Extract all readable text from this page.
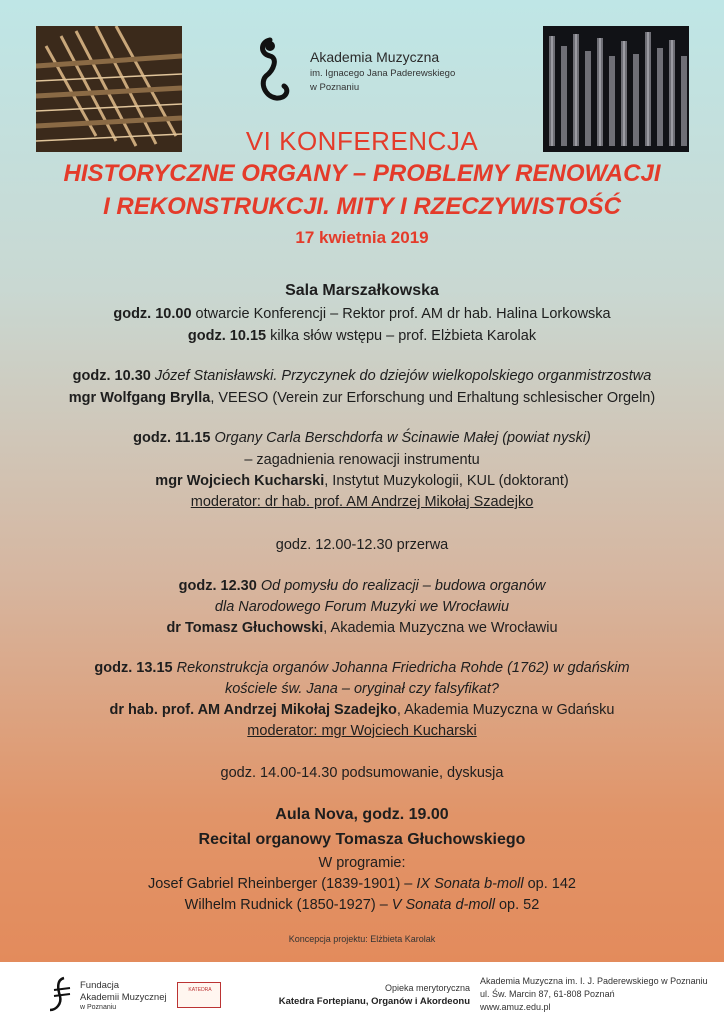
Akademia Muzyczna
im. Ignacego Jana Paderewskiego
w Poznaniu
VI KONFERENCJA
HISTORYCZNE ORGANY – PROBLEMY RENOWACJI
I REKONSTRUKCJI. MITY I RZECZYWISTOŚĆ
17 kwietnia 2019
Sala Marszałkowska
godz. 10.00 otwarcie Konferencji – Rektor prof. AM dr hab. Halina Lorkowska
godz. 10.15 kilka słów wstępu – prof. Elżbieta Karolak
godz. 10.30 Józef Stanisławski. Przyczynek do dziejów wielkopolskiego organmistrzostwa
mgr Wolfgang Brylla, VEESO (Verein zur Erforschung und Erhaltung schlesischer Orgeln)
godz. 11.15 Organy Carla Berschdorfa w Ścinawie Małej (powiat nyski)
– zagadnienia renowacji instrumentu
mgr Wojciech Kucharski, Instytut Muzykologii, KUL (doktorant)
moderator: dr hab. prof. AM Andrzej Mikołaj Szadejko
godz. 12.00-12.30 przerwa
godz. 12.30 Od pomysłu do realizacji – budowa organów
dla Narodowego Forum Muzyki we Wrocławiu
dr Tomasz Głuchowski, Akademia Muzyczna we Wrocławiu
godz. 13.15 Rekonstrukcja organów Johanna Friedricha Rohde (1762) w gdańskim
kościele św. Jana – oryginał czy falsyfikat?
dr hab. prof. AM Andrzej Mikołaj Szadejko, Akademia Muzyczna w Gdańsku
moderator: mgr Wojciech Kucharski
godz. 14.00-14.30 podsumowanie, dyskusja
Aula Nova, godz. 19.00
Recital organowy Tomasza Głuchowskiego
W programie:
Josef Gabriel Rheinberger (1839-1901) – IX Sonata b-moll op. 142
Wilhelm Rudnick (1850-1927) – V Sonata d-moll op. 52
Koncepcja projektu: Elżbieta Karolak
Fundacja
Akademii Muzycznej
w Poznaniu
KATEDRA	Opieka merytoryczna
Katedra Fortepianu, Organów i Akordeonu
Akademia Muzyczna im. I. J. Paderewskiego w Poznaniu
ul. Św. Marcin 87, 61-808 Poznań
www.amuz.edu.pl
